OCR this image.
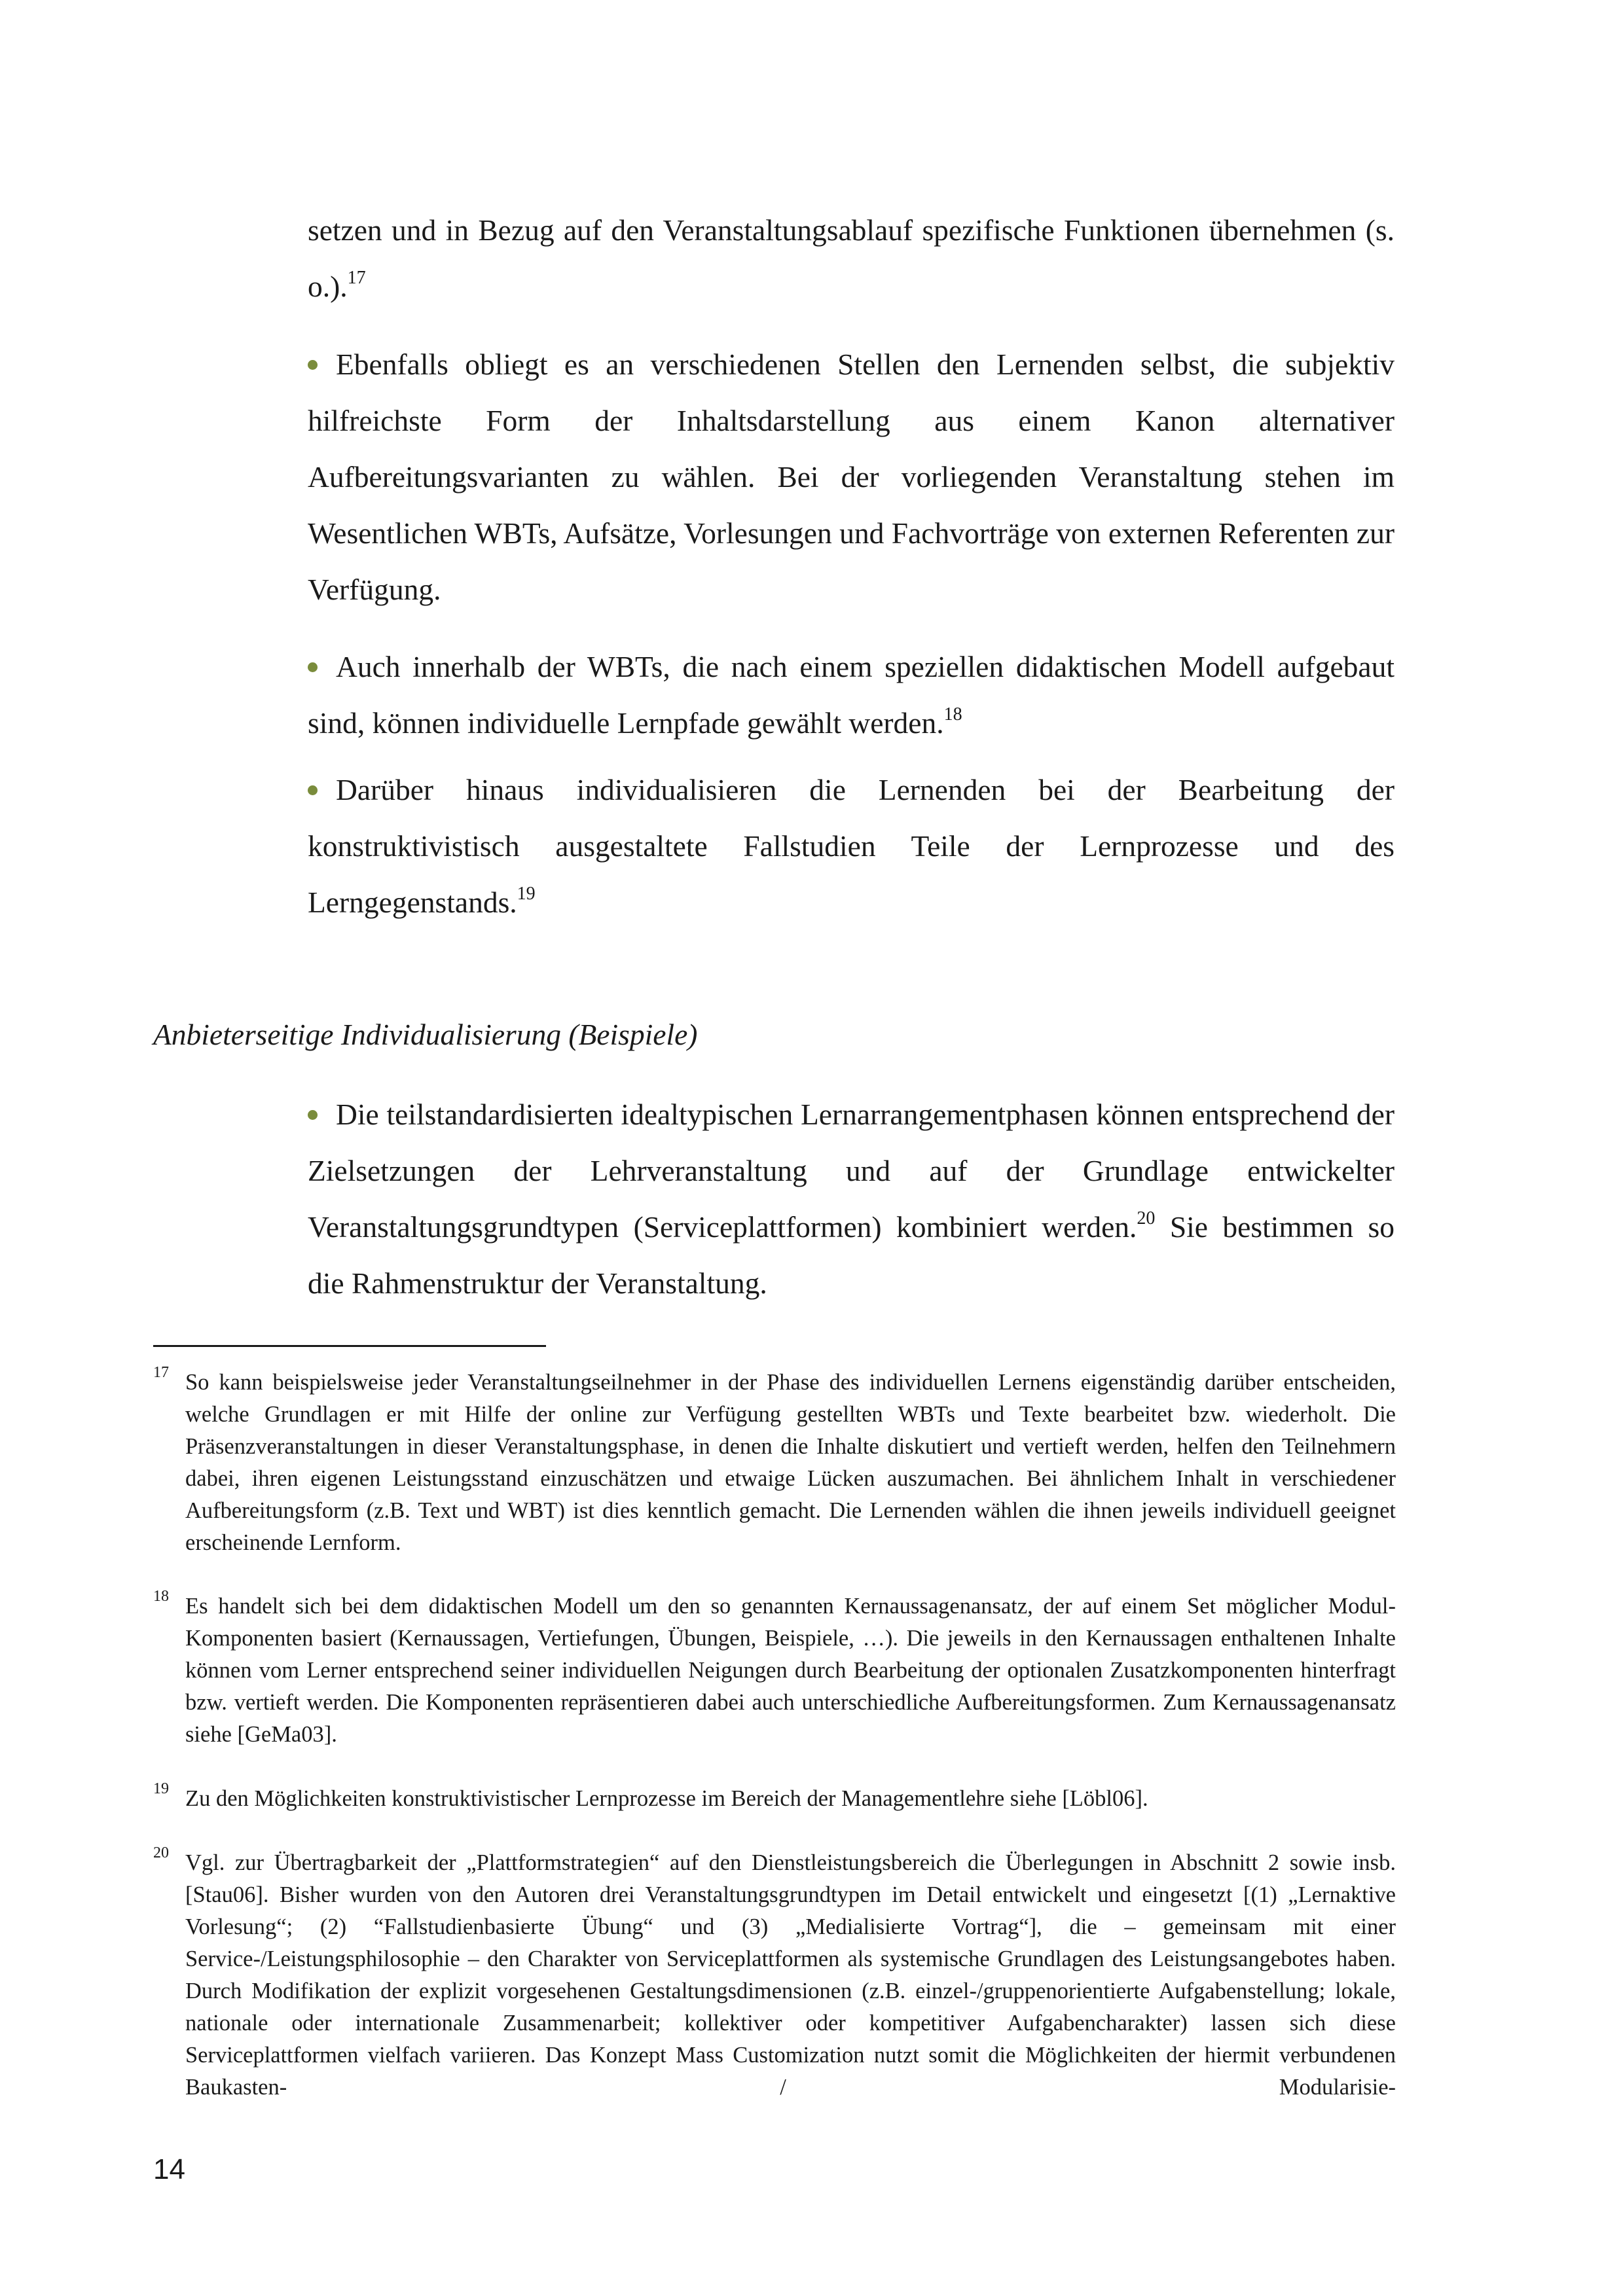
setzen und in Bezug auf den Veranstaltungsablauf spezifische Funktionen übernehmen (s. o.).$^{17}$

Ebenfalls obliegt es an verschiedenen Stellen den Lernenden selbst, die subjektiv hilfreichste Form der Inhaltsdarstellung aus einem Kanon alternativer Aufbereitungsvarianten zu wählen. Bei der vorliegenden Veranstaltung stehen im Wesentlichen WBTs, Aufsätze, Vorlesungen und Fachvorträge von externen Referenten zur Verfügung.

Auch innerhalb der WBTs, die nach einem speziellen didaktischen Modell aufgebaut sind, können individuelle Lernpfade gewählt werden.$^{18}$

Darüber hinaus individualisieren die Lernenden bei der Bearbeitung der konstruktivistisch ausgestaltete Fallstudien Teile der Lernprozesse und des Lerngegenstands.$^{19}$

Die teilstandardisierten idealtypischen Lernarrangementphasen können entsprechend der Zielsetzungen der Lehrveranstaltung und auf der Grundlage entwickelter Veranstaltungsgrundtypen (Serviceplattformen) kombiniert werden.$^{20}$ Sie bestimmen so die Rahmenstruktur der Veranstaltung.

Anbieterseitige Individualisierung (Beispiele)
17 So kann beispielsweise jeder Veranstaltungseilnehmer in der Phase des individuellen Lernens eigenständig darüber entscheiden, welche Grundlagen er mit Hilfe der online zur Verfügung gestellten WBTs und Texte bearbeitet bzw. wiederholt. Die Präsenzveranstaltungen in dieser Veranstaltungsphase, in denen die Inhalte diskutiert und vertieft werden, helfen den Teilnehmern dabei, ihren eigenen Leistungsstand einzuschätzen und etwaige Lücken auszumachen. Bei ähnlichem Inhalt in verschiedener Aufbereitungsform (z.B. Text und WBT) ist dies kenntlich gemacht. Die Lernenden wählen die ihnen jeweils individuell geeignet erscheinende Lernform.
18 Es handelt sich bei dem didaktischen Modell um den so genannten Kernaussagenansatz, der auf einem Set möglicher Modul-Komponenten basiert (Kernaussagen, Vertiefungen, Übungen, Beispiele, …). Die jeweils in den Kernaussagen enthaltenen Inhalte können vom Lerner entsprechend seiner individuellen Neigungen durch Bearbeitung der optionalen Zusatzkomponenten hinterfragt bzw. vertieft werden. Die Komponenten repräsentieren dabei auch unterschiedliche Aufbereitungsformen. Zum Kernaussagenansatz siehe [GeMa03].
19 Zu den Möglichkeiten konstruktivistischer Lernprozesse im Bereich der Managementlehre siehe [Löbl06].
20 Vgl. zur Übertragbarkeit der „Plattformstrategien“ auf den Dienstleistungsbereich die Überlegungen in Abschnitt 2 sowie insb. [Stau06]. Bisher wurden von den Autoren drei Veranstaltungsgrundtypen im Detail entwickelt und eingesetzt [(1) „Lernaktive Vorlesung“; (2) “Fallstudienbasierte Übung“ und (3) „Medialisierte Vortrag“], die – gemeinsam mit einer Service-/Leistungsphilosophie – den Charakter von Serviceplattformen als systemische Grundlagen des Leistungsangebotes haben. Durch Modifikation der explizit vorgesehenen Gestaltungsdimensionen (z.B. einzel-/gruppenorientierte Aufgabenstellung; lokale, nationale oder internationale Zusammenarbeit; kollektiver oder kompetitiver Aufgabencharakter) lassen sich diese Serviceplattformen vielfach variieren. Das Konzept Mass Customization nutzt somit die Möglichkeiten der hiermit verbundenen Baukasten- / Modularisie-
14
